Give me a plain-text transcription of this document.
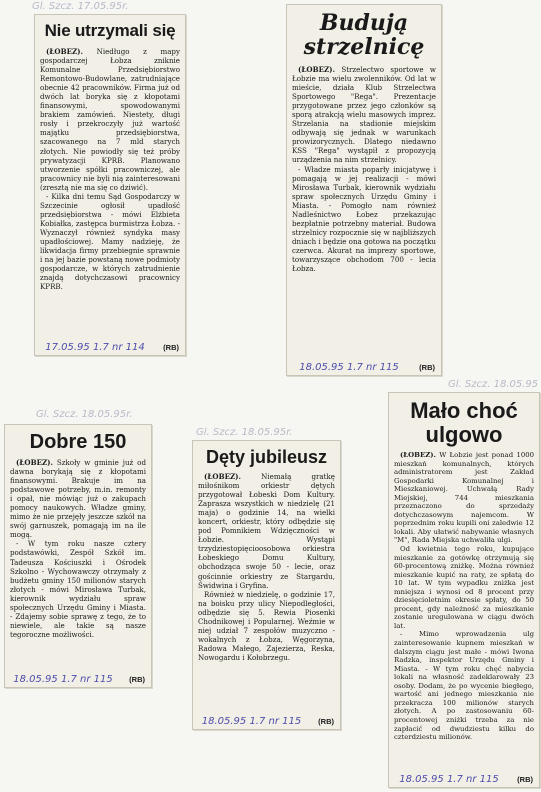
Gl. Szcz. 17.05.95r.
Nie utrzymali się

(ŁOBEZ). Niedługo z mapy gospodarczej Łobza zniknie Komunalne Przedsiębiorstwo Remontowo-Budowlane, zatrudniające obecnie 42 pracowników. Firma już od dwóch lat boryka się z kłopotami finansowymi, spowodowanymi brakiem zamówień. Niestety, długi rosły i przekroczyły już wartość majątku przedsiębiorstwa, szacowanego na 7 mld starych złotych. Nie powiodły się też próby prywatyzacji KPRB. Planowano utworzenie spółki pracowniczej, ale pracownicy nie byli nią zainteresowani (zresztą nie ma się co dziwić).

- Kilka dni temu Sąd Gospodarczy w Szczecinie ogłosił upadłość przedsiębiorstwa - mówi Elżbieta Kobiałka, zastępca burmistrza Łobza. - Wyznaczył również syndyka masy upadłościowej. Mamy nadzieję, że likwidacja firmy przebiegnie sprawnie i na jej bazie powstaną nowe podmioty gospodarcze, w których zatrudnienie znajdą dotychczasowi pracownicy KPRB.

17.05.95 1.7 nr 114	(RB)
Budują strzelnicę

(ŁOBEZ). Strzelectwo sportowe w Łobzie ma wielu zwolenników. Od lat w mieście, działa Klub Strzelectwa Sportowego "Rega". Prezentacje przygotowane przez jego członków są sporą atrakcją wielu masowych imprez. Strzelania na stadionie miejskim odbywają się jednak w warunkach prowizorycznych. Dlatego niedawno KSS "Rega" wystąpił z propozycją urządzenia na nim strzelnicy.

- Władze miasta poparły inicjatywę i pomagają w jej realizacji - mówi Mirosława Turbak, kierownik wydziału spraw społecznych Urzędu Gminy i Miasta. - Pomogło nam również Nadleśnictwo Łobez przekazując bezpłatnie potrzebny materiał. Budowa strzelnicy rozpocznie się w najbliższych dniach i będzie ona gotowa na początku czerwca. Akurat na imprezy sportowe, towarzyszące obchodom 700 - lecia Łobza.

18.05.95 1.7 nr 115	(RB)
Gl. Szcz. 18.05.95r.
Dobre 150

(ŁOBEZ). Szkoły w gminie już od dawna borykają się z kłopotami finansowymi. Brakuje im na podstawowe potrzeby, m.in. remonty i opał, nie mówiąc już o zakupach pomocy naukowych. Władze gminy, mimo że nie przejęły jeszcze szkół na swój garnuszek, pomagają im na ile mogą.

- W tym roku nasze cztery podstawówki, Zespół Szkół im. Tadeusza Kościuszki i Ośrodek Szkolno - Wychowawczy otrzymały z budżetu gminy 150 milionów starych złotych - mówi Mirosława Turbak, kierownik wydziału spraw społecznych Urzędu Gminy i Miasta. - Zdajemy sobie sprawę z tego, że to niewiele, ale takie są nasze tegoroczne możliwości.

18.05.95 1.7 nr 115	(RB)
Gl. Szcz. 18.05.95r.
Dęty jubileusz

(ŁOBEZ).	Niemałą gratkę miłośnikom orkiestr dętych przygotował Łobeski Dom Kultury. Zaprasza wszystkich w niedzielę (21 maja) o godzinie 14, na wielki koncert, orkiestr, który odbędzie się pod Pomnikiem Wdzięczności w Łobzie. Wystąpi trzydziestopięcioosobowa orkiestra Łobeskiego Domu Kultury, obchodząca swoje 50 - lecie, oraz gościnnie orkiestry ze Stargardu, Świdwina i Gryfina.

Również w niedzielę, o godzinie 17, na boisku przy ulicy Niepodległości, odbędzie się 5. Rewia Piosenki Chodnikowej i Popularnej. Weźmie w niej udział 7 zespołów muzyczno - wokalnych z Łobza, Węgorzyna, Radowa Małego, Zajezierza, Reska, Nowogardu i Kołobrzegu.

18.05.95 1.7 nr 115	(RB)
Gl. Szcz. 18.05.95
Mało choć ulgowo

(ŁOBEZ). W Łobzie jest ponad 1000 mieszkań komunalnych, których administratorem jest Zakład Gospodarki Komunalnej i Mieszkaniowej. Uchwałą Rady Miejskiej, 744 mieszkania przeznaczono do sprzedaży dotychczasowym najemcom. W poprzednim roku kupili oni zaledwie 12 lokali. Aby ułatwić nabywanie własnych "M", Rada Miejska uchwaliła ulgi.

Od kwietnia tego roku, kupujące mieszkanie za gotówkę otrzymują się 60-procentową zniżkę. Można również mieszkanie kupić na raty, ze spłatą do 10 lat. W tym wypadku zniżka jest mniejsza i wynosi od 8 procent przy dziesięcioletnim okresie spłaty, do 50 procent, gdy należność za mieszkanie zostanie uregulowana w ciągu dwóch lat.

- Mimo wprowadzenia ulg zainteresowanie kupnem mieszkań w dalszym ciągu jest małe - mówi Iwona Radzka, inspektor Urzędu Gminy i Miasta. - W tym roku chęć nabycia lokali na własność zadeklarowały 23 osoby. Dodam, że po wycenie biegłego, wartość ani jednego mieszkania nie przekracza 100 milionów starych złotych. A po zastosowaniu 60-procentowej zniżki trzeba za nie zapłacić od dwudziestu kilku do czterdziestu milionów.

18.05.95 1.7 nr 115	(RB)
